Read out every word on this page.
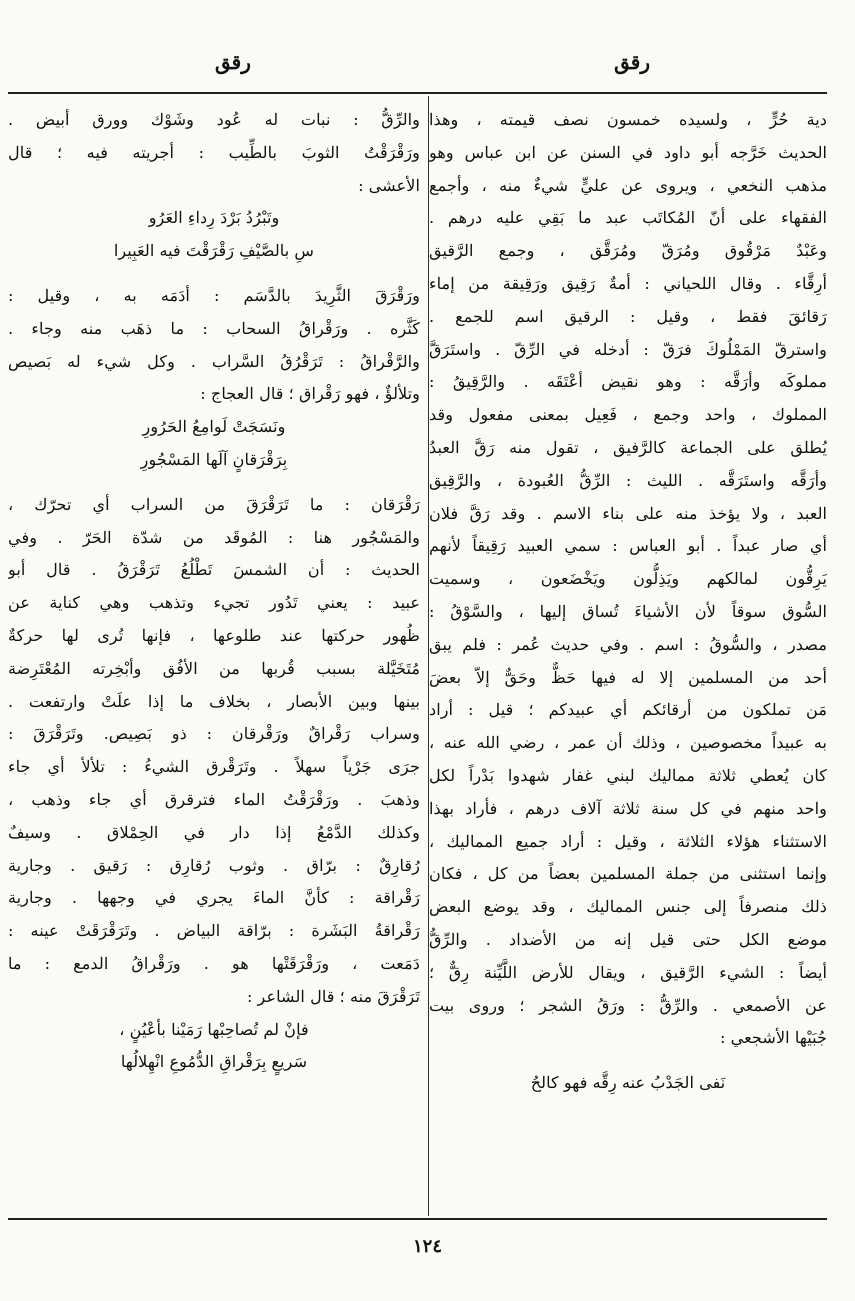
رقق
رقق
دية حُرٍّ ، ولسيده خمسون نصف قيمته ، وهذا
الحديث خَرَّجه أبو داود في السنن عن ابن عباس وهو
مذهب النخعي ، ويروى عن عليٍّ شيءٌ منه ، وأجمع
الفقهاء على أنّ المُكاتَب عبد ما بَقِي عليه درهم .
وعَبْدٌ مَرْقُوق ومُرَقّ ومُرَقَّق ، وجمع الرَّقيق
أرِقَّاء . وقال اللحياني : أمةٌ رَقِيق ورَقِيقة من إماء
رَقائقَ فقط ، وقيل : الرقيق اسم للجمع .
واسترقّ المَمْلُوكَ فرَقّ : أدخله في الرِّقّ . واستَرَقَّ
مملوكَه وأرَقَّه : وهو نقيض أعْتَقَه . والرَّقِيقُ :
المملوك ، واحد وجمع ، فَعِيل بمعنى مفعول وقد
يُطلق على الجماعة كالرَّفيق ، تقول منه رَقَّ العبدُ
وأرَقَّه واستَرَقَّه . الليث : الرِّقُّ العُبودة ، والرَّقِيق
العبد ، ولا يؤخذ منه على بناء الاسم . وقد رَقَّ فلان
أي صار عبداً . أبو العباس : سمي العبيد رَقِيقاً لأنهم
يَرِقُّون لمالكهم ويَذِلُّون ويَخْضَعون ، وسميت
السُّوق سوقاً لأن الأشياءَ تُساق إليها ، والسَّوْقُ :
مصدر ، والسُّوقُ : اسم . وفي حديث عُمر : فلم يبق
أحد من المسلمين إلا له فيها حَظٌّ وحَقٌّ إلاّ بعضَ
مَن تملكون من أرقائكم أي عبيدكم ؛ قيل : أراد
به عبيداً مخصوصين ، وذلك أن عمر ، رضي الله عنه ،
كان يُعطي ثلاثة مماليك لبني غفار شهدوا بَدْراً لكل
واحد منهم في كل سنة ثلاثة آلاف درهم ، فأراد بهذا
الاستثناء هؤلاء الثلاثة ، وقيل : أراد جميع المماليك ،
وإنما استثنى من جملة المسلمين بعضاً من كل ، فكان
ذلك منصرفاً إلى جنس المماليك ، وقد يوضع البعض
موضع الكل حتى قيل إنه من الأضداد . والرِّقُّ
أيضاً : الشيء الرَّقيق ، ويقال للأرض اللَّيِّنة رِقٌّ ؛
عن الأصمعي . والرِّقُّ : ورَقُ الشجر ؛ وروى بيت
جُبَيْها الأشجعي :
نَفى الجَدْبُ عنه رِقَّه فهو كالحُ
والرِّقُّ : نبات له عُود وشَوْك وورق أبيض .
ورَقْرَقْتُ الثوبَ بالطِّيب : أجريته فيه ؛ قال
الأعشى :
وتَبْرُدُ بَرْدَ رِداءِ العَرُو
سِ بالصَّيْفِ رَقْرَقْتَ فيه العَبِيرا
ورَقْرَقَ الثَّرِيدَ بالدَّسَم : أدَمَه به ، وقيل :
كَثَّره . ورَقْراقُ السحاب : ما ذهَب منه وجاء .
والرَّقْراقُ : تَرَقْرُقُ السَّراب . وكل شيء له بَصيص
وتلألؤٌ ، فهو رَقْراق ؛ قال العجاج :
ونَسَجَتْ لَوامِعُ الحَرُورِ
بِرَقْرَقانٍ آلَها المَسْجُورِ
رَقْرَقان : ما تَرَقْرَقَ من السراب أي تحرّك ،
والمَسْجُور هنا : المُوقَد من شدّة الحَرّ . وفي
الحديث : أن الشمسَ تَطْلُعُ تَرَقْرَقُ . قال أبو
عبيد : يعني تَدُور تجيء وتذهب وهي كناية عن
ظُهور حركتها عند طلوعها ، فإنها تُرى لها حركةٌ
مُتَخَيَّلة بسبب قُربها من الأفُق وأبْخِرته المُعْتَرِضة
بينها وبين الأبصار ، بخلاف ما إذا علَتْ وارتفعت .
وسراب رَقْراقٌ ورَقْرقان : ذو بَصِيص. وتَرَقْرَقَ :
جرَى جَرْياً سهلاً . وتَرَقْرق الشيءُ : تلألأ أي جاء
وذهبَ . ورَقْرَقْتُ الماء فترقرق أي جاء وذهب ،
وكذلك الدَّمْعُ إذا دار في الحِمْلاق . وسيفٌ
رُقارِقٌ : برّاق . وثوب رُقارِق : رَقيق . وجارية
رَقْراقة : كأنَّ الماءَ يجري في وجهها . وجارية
رَقْراقةُ البَشَرة : برّاقة البياض . وتَرَقْرَقَتْ عينه :
دَمَعت ، ورَقْرَقَتْها هو . ورَقْراقُ الدمع : ما
تَرَقْرَقَ منه ؛ قال الشاعر :
فإنْ لم تُصاحِبْها رَمَيْنا بأعْيُنٍ ،
سَريعٍ بِرَقْراقِ الدُّمُوعِ انْهِلالُها
١٢٤
